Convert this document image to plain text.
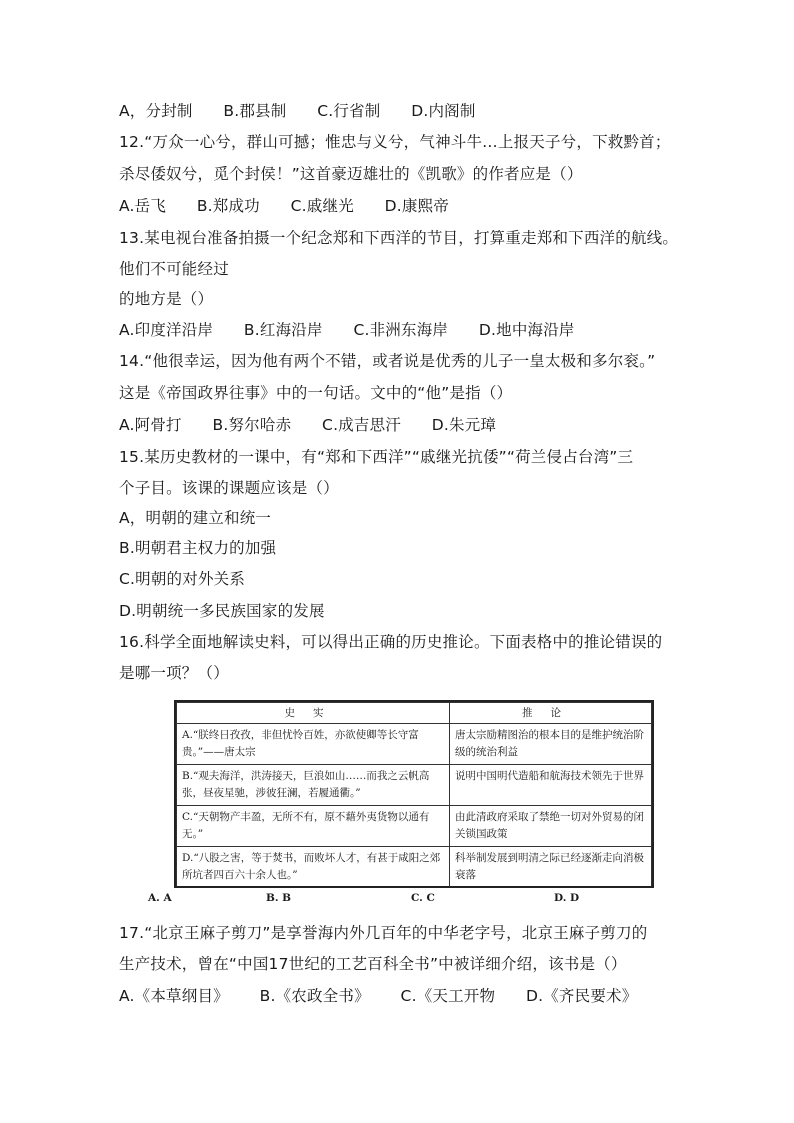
A，分封制      B.郡县制      C.行省制      D.内阁制
12.“万众一心兮，群山可撼；惟忠与义兮，气神斗牛…上报天子兮，下救黔首；
杀尽倭奴兮，觅个封侯！”这首豪迈雄壮的《凯歌》的作者应是（）
A.岳飞      B.郑成功      C.戚继光      D.康熙帝
13.某电视台准备拍摄一个纪念郑和下西洋的节目，打算重走郑和下西洋的航线。
他们不可能经过
的地方是（）
A.印度洋沿岸      B.红海沿岸      C.非洲东海岸      D.地中海沿岸
14.“他很幸运，因为他有两个不错，或者说是优秀的儿子一皇太极和多尔衮。”
这是《帝国政界往事》中的一句话。文中的“他”是指（）
A.阿骨打      B.努尔哈赤      C.成吉思汗      D.朱元璋
15.某历史教材的一课中，有“郑和下西洋”“戚继光抗倭”“荷兰侵占台湾”三
个子目。该课的课题应该是（）
A，明朝的建立和统一
B.明朝君主权力的加强
C.明朝的对外关系
D.明朝统一多民族国家的发展
16.科学全面地解读史料，可以得出正确的历史推论。下面表格中的推论错误的
是哪一项？（）
史实	推论
A.“朕终日孜孜，非但忧怜百姓，亦欲使卿等长守富贵。”——唐太宗	唐太宗励精图治的根本目的是维护统治阶级的统治利益
B.“观夫海洋，洪涛接天，巨浪如山……而我之云帆高张，昼夜星驰，涉彼狂澜，若履通衢。”	说明中国明代造船和航海技术领先于世界
C.“天朝物产丰盈，无所不有，原不藉外夷货物以通有无。”	由此清政府采取了禁绝一切对外贸易的闭关锁国政策
D.“八股之害，等于焚书，而败坏人才，有甚于咸阳之郊所坑者四百六十余人也。”	科举制发展到明清之际已经逐渐走向消极衰落
A. A	B. B	C. C	D. D
17.“北京王麻子剪刀”是享誉海内外几百年的中华老字号，北京王麻子剪刀的
生产技术，曾在“中国17世纪的工艺百科全书”中被详细介绍，该书是（）
A.《本草纲目》      B.《农政全书》      C.《天工开物      D.《齐民要术》
